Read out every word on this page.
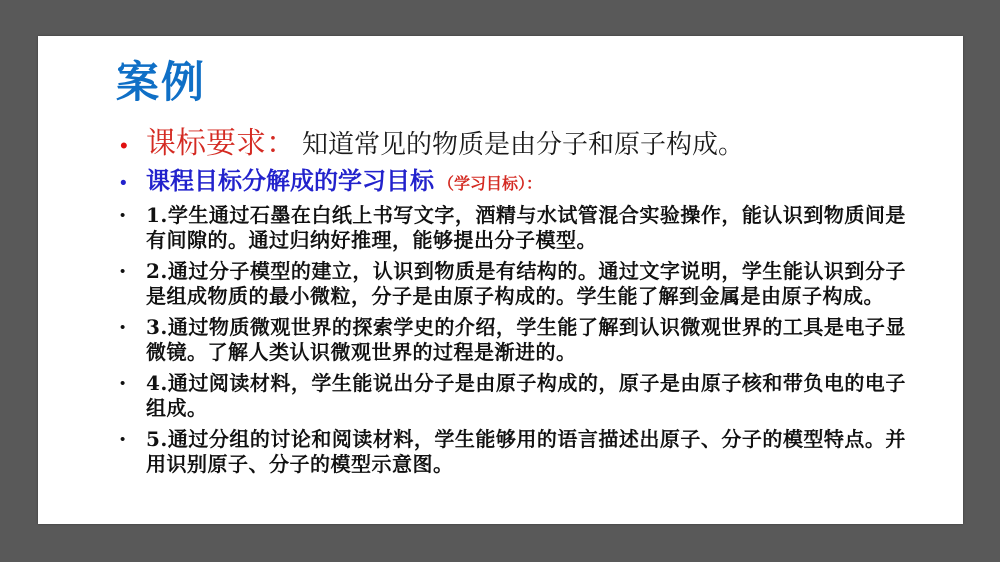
案例
• 课标要求： 知道常见的物质是由分子和原子构成。
• 课程目标分解成的学习目标 （学习目标）：
•	1.学生通过石墨在白纸上书写文字，酒精与水试管混合实验操作，能认识到物质间是有间隙的。通过归纳好推理，能够提出分子模型。
•	2.通过分子模型的建立，认识到物质是有结构的。通过文字说明，学生能认识到分子是组成物质的最小微粒，分子是由原子构成的。学生能了解到金属是由原子构成。
•	3.通过物质微观世界的探索学史的介绍，学生能了解到认识微观世界的工具是电子显微镜。了解人类认识微观世界的过程是渐进的。
•	4.通过阅读材料，学生能说出分子是由原子构成的，原子是由原子核和带负电的电子组成。
•	5.通过分组的讨论和阅读材料，学生能够用的语言描述出原子、分子的模型特点。并用识别原子、分子的模型示意图。
